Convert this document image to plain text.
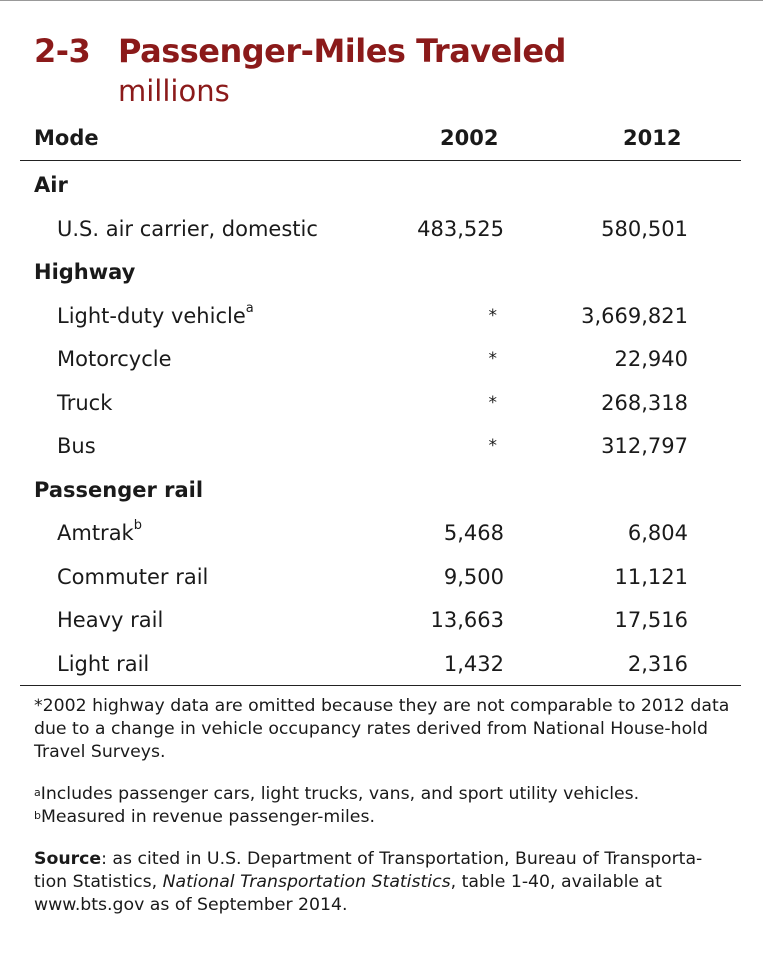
2-3 Passenger-Miles Traveled
millions
Mode	2002	2012
Air
U.S. air carrier, domestic	483,525	580,501
Highway
Light-duty vehicle$^a$	*	3,669,821
Motorcycle	*	22,940
Truck	*	268,318
Bus	*	312,797
Passenger rail
Amtrak$^b$	5,468	6,804
Commuter rail	9,500	11,121
Heavy rail	13,663	17,516
Light rail	1,432	2,316
*2002 highway data are omitted because they are not comparable to 2012 data due to a change in vehicle occupancy rates derived from National House-hold Travel Surveys.
$^a$Includes passenger cars, light trucks, vans, and sport utility vehicles.
$^b$Measured in revenue passenger-miles.
Source: as cited in U.S. Department of Transportation, Bureau of Transporta-tion Statistics, National Transportation Statistics, table 1-40, available at www.bts.gov as of September 2014.
